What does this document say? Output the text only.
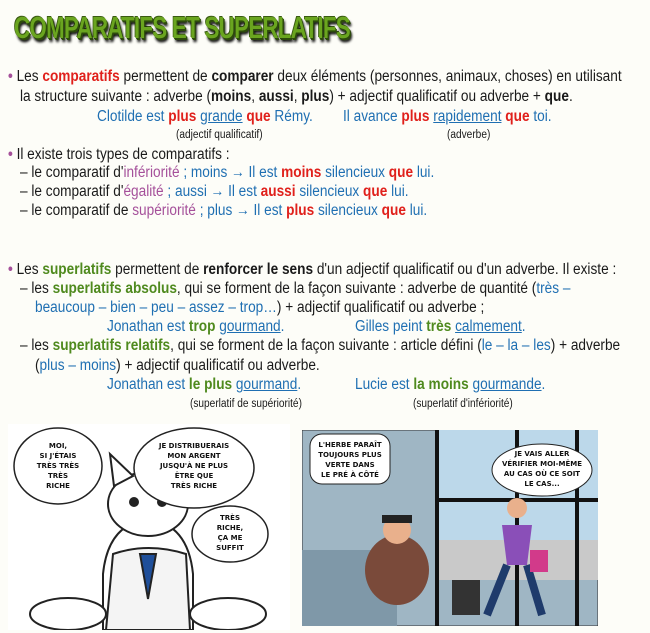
COMPARATIFS ET SUPERLATIFS
• Les comparatifs permettent de comparer deux éléments (personnes, animaux, choses) en utilisant
la structure suivante : adverbe (moins, aussi, plus) + adjectif qualificatif ou adverbe + que.
Clotilde est plus grande que Rémy. Il avance plus rapidement que toi.
(adjectif qualificatif)	(adverbe)
• Il existe trois types de comparatifs :
– le comparatif d'infériorité ; moins → Il est moins silencieux que lui.
– le comparatif d'égalité ; aussi → Il est aussi silencieux que lui.
– le comparatif de supériorité ; plus → Il est plus silencieux que lui.
• Les superlatifs permettent de renforcer le sens d'un adjectif qualificatif ou d'un adverbe. Il existe :
– les superlatifs absolus, qui se forment de la façon suivante : adverbe de quantité (très –
beaucoup – bien – peu – assez – trop…) + adjectif qualificatif ou adverbe ;
Jonathan est trop gourmand.	Gilles peint très calmement.
– les superlatifs relatifs, qui se forment de la façon suivante : article défini (le – la – les) + adverbe
(plus – moins) + adjectif qualificatif ou adverbe.
Jonathan est le plus gourmand.	Lucie est la moins gourmande.
(superlatif de supériorité)	(superlatif d'infériorité)
MOI, SI J'ÉTAIS TRÈS TRÈS TRÈS RICHE
JE DISTRIBUERAIS MON ARGENT JUSQU'À NE PLUS ÊTRE QUE TRÈS RICHE
TRÈS RICHE, ÇA ME SUFFIT
L'HERBE PARAÎT TOUJOURS PLUS VERTE DANS LE PRÉ À CÔTÉ
JE VAIS ALLER VÉRIFIER MOI-MÊME AU CAS OÙ CE SOIT LE CAS...
